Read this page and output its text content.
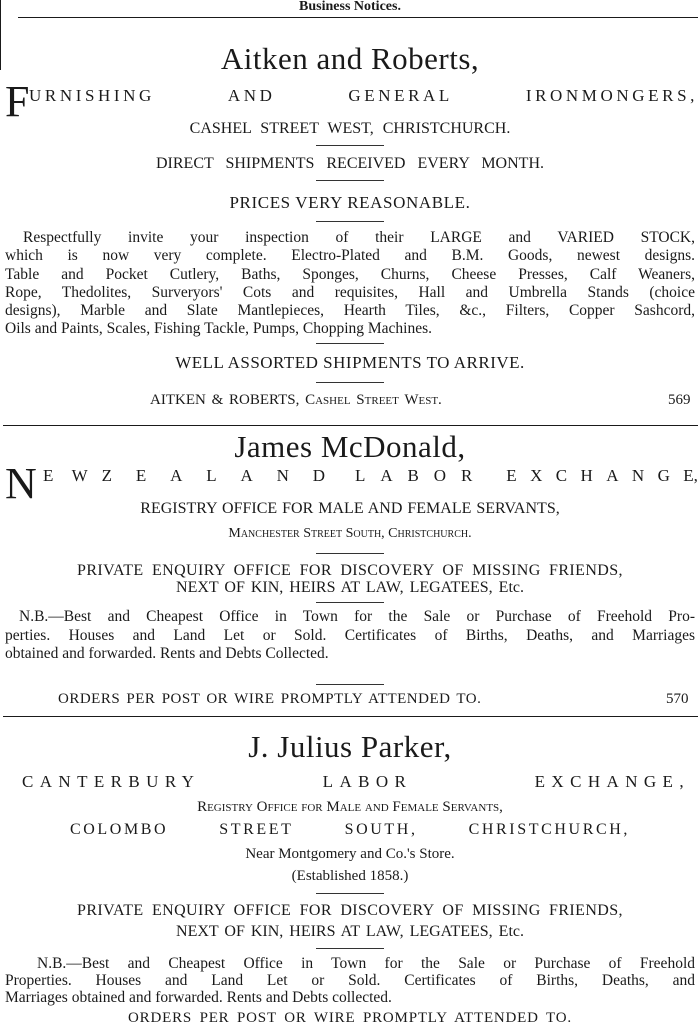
Business Notices.
Aitken and Roberts,
F URNISHING	AND	GENERAL	IRONMONGERS,
CASHEL STREET WEST, CHRISTCHURCH.
DIRECT SHIPMENTS RECEIVED EVERY MONTH.
PRICES VERY REASONABLE.
Respectfully invite your inspection of their LARGE and VARIED STOCK,
which is now very complete. Electro-Plated and B.M. Goods, newest designs.
Table and Pocket Cutlery, Baths, Sponges, Churns, Cheese Presses, Calf Weaners,
Rope, Thedolites, Surveryors' Cots and requisites, Hall and Umbrella Stands (choice
designs), Marble and Slate Mantlepieces, Hearth Tiles, &c., Filters, Copper Sashcord,
Oils and Paints, Scales, Fishing Tackle, Pumps, Chopping Machines.
WELL ASSORTED SHIPMENTS TO ARRIVE.
AITKEN & ROBERTS, Cashel Street West.	569
James McDonald,
N E W Z E A L A N D L A B O R E X C H A N G E,
REGISTRY OFFICE FOR MALE AND FEMALE SERVANTS,
Manchester Street South, Christchurch.
PRIVATE ENQUIRY OFFICE FOR DISCOVERY OF MISSING FRIENDS,
NEXT OF KIN, HEIRS AT LAW, LEGATEES, Etc.
N.B.—Best and Cheapest Office in Town for the Sale or Purchase of Freehold Pro-
perties. Houses and Land Let or Sold. Certificates of Births, Deaths, and Marriages
obtained and forwarded. Rents and Debts Collected.
ORDERS PER POST OR WIRE PROMPTLY ATTENDED TO.	570
J. Julius Parker,
CANTERBURY	LABOR	EXCHANGE,
Registry Office for Male and Female Servants,
COLOMBO	STREET	SOUTH,	CHRISTCHURCH,
Near Montgomery and Co.'s Store.
(Established 1858.)
PRIVATE ENQUIRY OFFICE FOR DISCOVERY OF MISSING FRIENDS,
NEXT OF KIN, HEIRS AT LAW, LEGATEES, Etc.
N.B.—Best and Cheapest Office in Town for the Sale or Purchase of Freehold
Properties. Houses and Land Let or Sold. Certificates of Births, Deaths, and
Marriages obtained and forwarded. Rents and Debts collected.
ORDERS PER POST OR WIRE PROMPTLY ATTENDED TO.
